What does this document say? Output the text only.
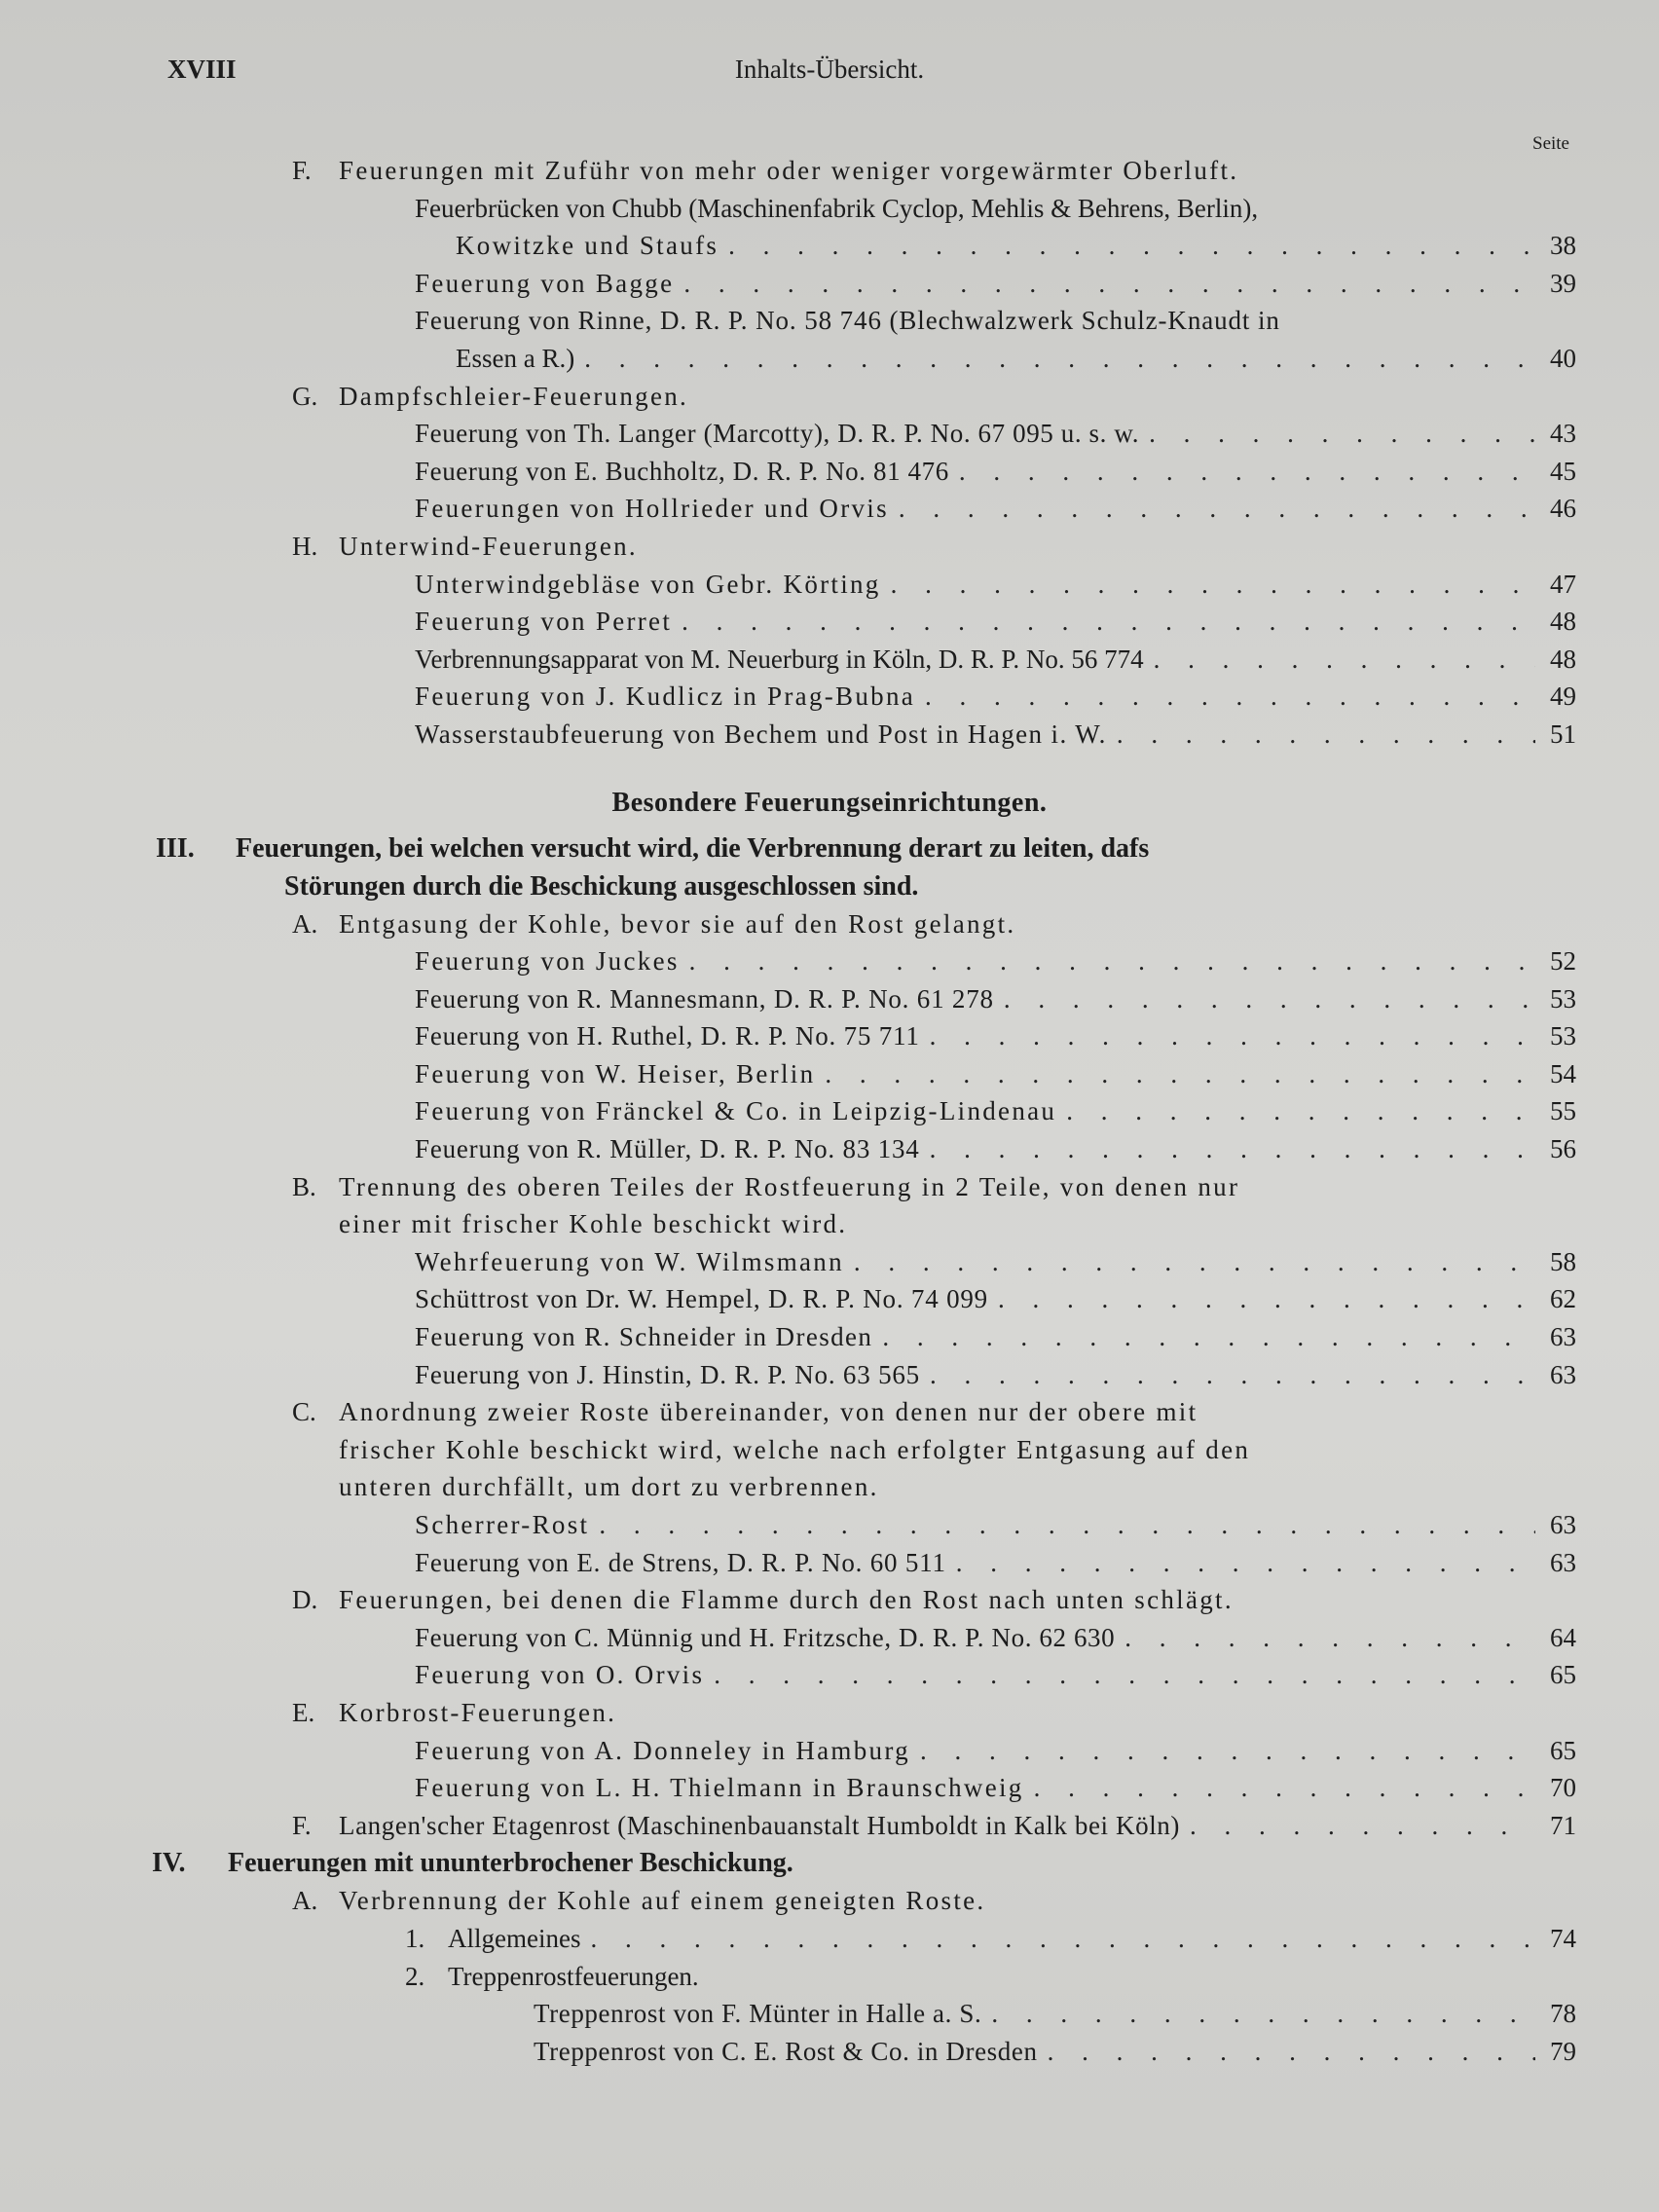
XVIII	Inhalts-Übersicht.
Seite
F.	Feuerungen mit Zuführ von mehr oder weniger vorgewärmter Oberluft.
Feuerbrücken von Chubb (Maschinenfabrik Cyclop, Mehlis & Behrens, Berlin),
Kowitzke und Staufs . . .	38
Feuerung von Bagge . . .	39
Feuerung von Rinne, D. R. P. No. 58 746 (Blechwalzwerk Schulz-Knaudt in
Essen a R.) . . .	40
G. Dampfschleier-Feuerungen.
Feuerung von Th. Langer (Marcotty), D. R. P. No. 67 095 u. s. w. . . .	43
Feuerung von E. Buchholtz, D. R. P. No. 81 476 . . .	45
Feuerungen von Hollrieder und Orvis . . .	46
H. Unterwind-Feuerungen.
Unterwindgebläse von Gebr. Körting . . .	47
Feuerung von Perret . . .	48
Verbrennungsapparat von M. Neuerburg in Köln, D. R. P. No. 56 774 . . .	48
Feuerung von J. Kudlicz in Prag-Bubna . . .	49
Wasserstaubfeuerung von Bechem und Post in Hagen i. W. . . .	51
Besondere Feuerungseinrichtungen.
III.	Feuerungen, bei welchen versucht wird, die Verbrennung derart zu leiten, dafs
Störungen durch die Beschickung ausgeschlossen sind.
A. Entgasung der Kohle, bevor sie auf den Rost gelangt.
Feuerung von Juckes . . .	52
Feuerung von R. Mannesmann, D. R. P. No. 61 278 . . .	53
Feuerung von H. Ruthel, D. R. P. No. 75 711 . . .	53
Feuerung von W. Heiser, Berlin . . .	54
Feuerung von Fränckel & Co. in Leipzig-Lindenau . . .	55
Feuerung von R. Müller, D. R. P. No. 83 134 . . .	56
B. Trennung des oberen Teiles der Rostfeuerung in 2 Teile, von denen nur
einer mit frischer Kohle beschickt wird.
Wehrfeuerung von W. Wilmsmann . . .	58
Schüttrost von Dr. W. Hempel, D. R. P. No. 74 099 . . .	62
Feuerung von R. Schneider in Dresden . . .	63
Feuerung von J. Hinstin, D. R. P. No. 63 565 . . .	63
C. Anordnung zweier Roste übereinander, von denen nur der obere mit
frischer Kohle beschickt wird, welche nach erfolgter Entgasung auf den
unteren durchfällt, um dort zu verbrennen.
Scherrer-Rost . . .	63
Feuerung von E. de Strens, D. R. P. No. 60 511 . . .	63
D. Feuerungen, bei denen die Flamme durch den Rost nach unten schlägt.
Feuerung von C. Münnig und H. Fritzsche, D. R. P. No. 62 630 . . .	64
Feuerung von O. Orvis . . .	65
E. Korbrost-Feuerungen.
Feuerung von A. Donneley in Hamburg . . .	65
Feuerung von L. H. Thielmann in Braunschweig . . .	70
F.	Langen'scher Etagenrost (Maschinenbauanstalt Humboldt in Kalk bei Köln) . . .	71
IV.	Feuerungen mit ununterbrochener Beschickung.
A. Verbrennung der Kohle auf einem geneigten Roste.
1. Allgemeines . . .	74
2. Treppenrostfeuerungen.
Treppenrost von F. Münter in Halle a. S. . . .	78
Treppenrost von C. E. Rost & Co. in Dresden . . .	79
